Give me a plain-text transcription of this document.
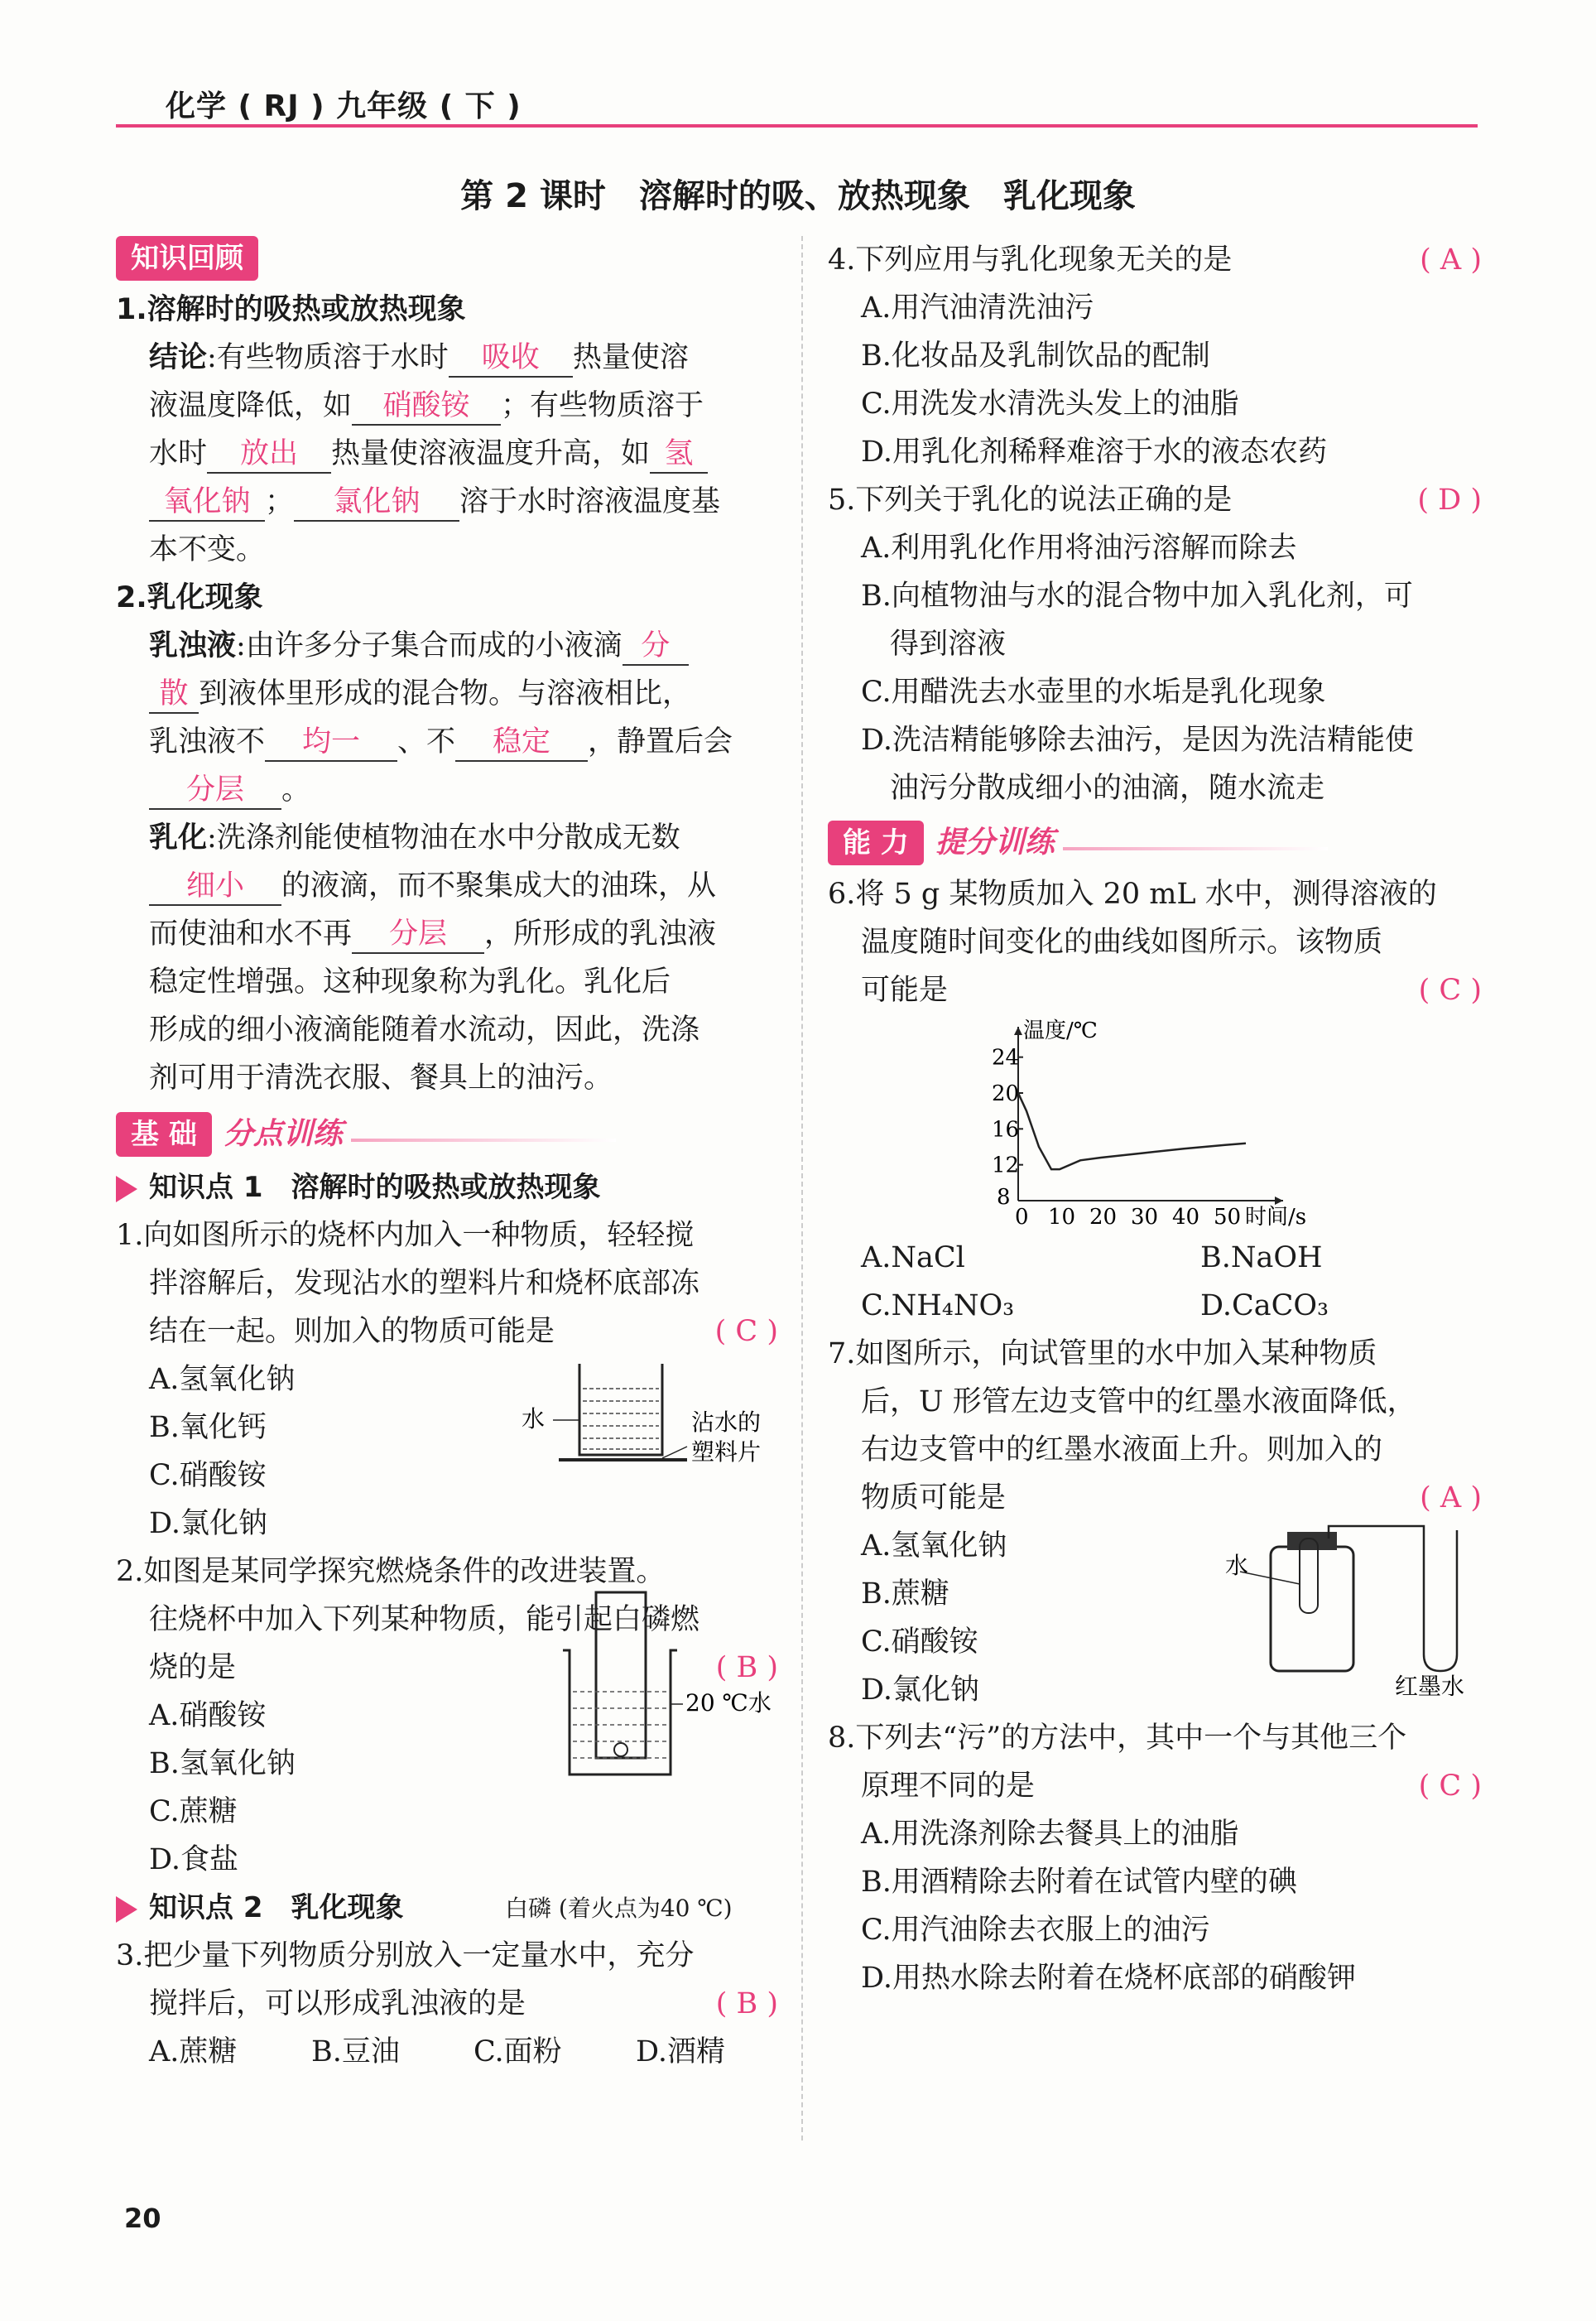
化学 ( RJ ) 九年级 ( 下 )
第 2 课时　溶解时的吸、放热现象　乳化现象
知识回顾
1.溶解时的吸热或放热现象
结论:有些物质溶于水时 吸收 热量使溶
液温度降低，如 硝酸铵 ；有些物质溶于
水时 放出 热量使溶液温度升高，如 氢
氧化钠 ； 氯化钠 溶于水时溶液温度基
本不变。
2.乳化现象
乳浊液:由许多分子集合而成的小液滴 分
散 到液体里形成的混合物。与溶液相比，
乳浊液不 均一 、不 稳定 ，静置后会
分层 。
乳化:洗涤剂能使植物油在水中分散成无数
细小 的液滴，而不聚集成大的油珠，从
而使油和水不再 分层 ，所形成的乳浊液
稳定性增强。这种现象称为乳化。乳化后
形成的细小液滴能随着水流动，因此，洗涤
剂可用于清洗衣服、餐具上的油污。
基 础 分点训练
知识点 1　溶解时的吸热或放热现象
1.向如图所示的烧杯内加入一种物质，轻轻搅
拌溶解后，发现沾水的塑料片和烧杯底部冻
结在一起。则加入的物质可能是	( C )
A.氢氧化钠
B.氧化钙
C.硝酸铵
D.氯化钠
水	沾水的
塑料片
2.如图是某同学探究燃烧条件的改进装置。
往烧杯中加入下列某种物质，能引起白磷燃
烧的是	( B )
A.硝酸铵
B.氢氧化钠
C.蔗糖
D.食盐
20 ℃水
知识点 2　乳化现象	白磷 (着火点为40 ℃)
3.把少量下列物质分别放入一定量水中，充分
搅拌后，可以形成乳浊液的是	( B )
A.蔗糖	B.豆油	C.面粉	D.酒精
4.下列应用与乳化现象无关的是	( A )
A.用汽油清洗油污
B.化妆品及乳制饮品的配制
C.用洗发水清洗头发上的油脂
D.用乳化剂稀释难溶于水的液态农药
5.下列关于乳化的说法正确的是	( D )
A.利用乳化作用将油污溶解而除去
B.向植物油与水的混合物中加入乳化剂，可
得到溶液
C.用醋洗去水壶里的水垢是乳化现象
D.洗洁精能够除去油污，是因为洗洁精能使
油污分散成细小的油滴，随水流走
能 力 提分训练
6.将 5 g 某物质加入 20 mL 水中，测得溶液的
温度随时间变化的曲线如图所示。该物质
可能是	( C )
温度/℃
0 10 20 30 40 50 时间/s
8
12
16
20
24
A.NaCl	B.NaOH
C.NH₄NO₃	D.CaCO₃
7.如图所示，向试管里的水中加入某种物质
后，U 形管左边支管中的红墨水液面降低，
右边支管中的红墨水液面上升。则加入的
物质可能是	( A )
A.氢氧化钠
B.蔗糖
C.硝酸铵
D.氯化钠
水
红墨水
8.下列去“污”的方法中，其中一个与其他三个
原理不同的是	( C )
A.用洗涤剂除去餐具上的油脂
B.用酒精除去附着在试管内壁的碘
C.用汽油除去衣服上的油污
D.用热水除去附着在烧杯底部的硝酸钾
20
